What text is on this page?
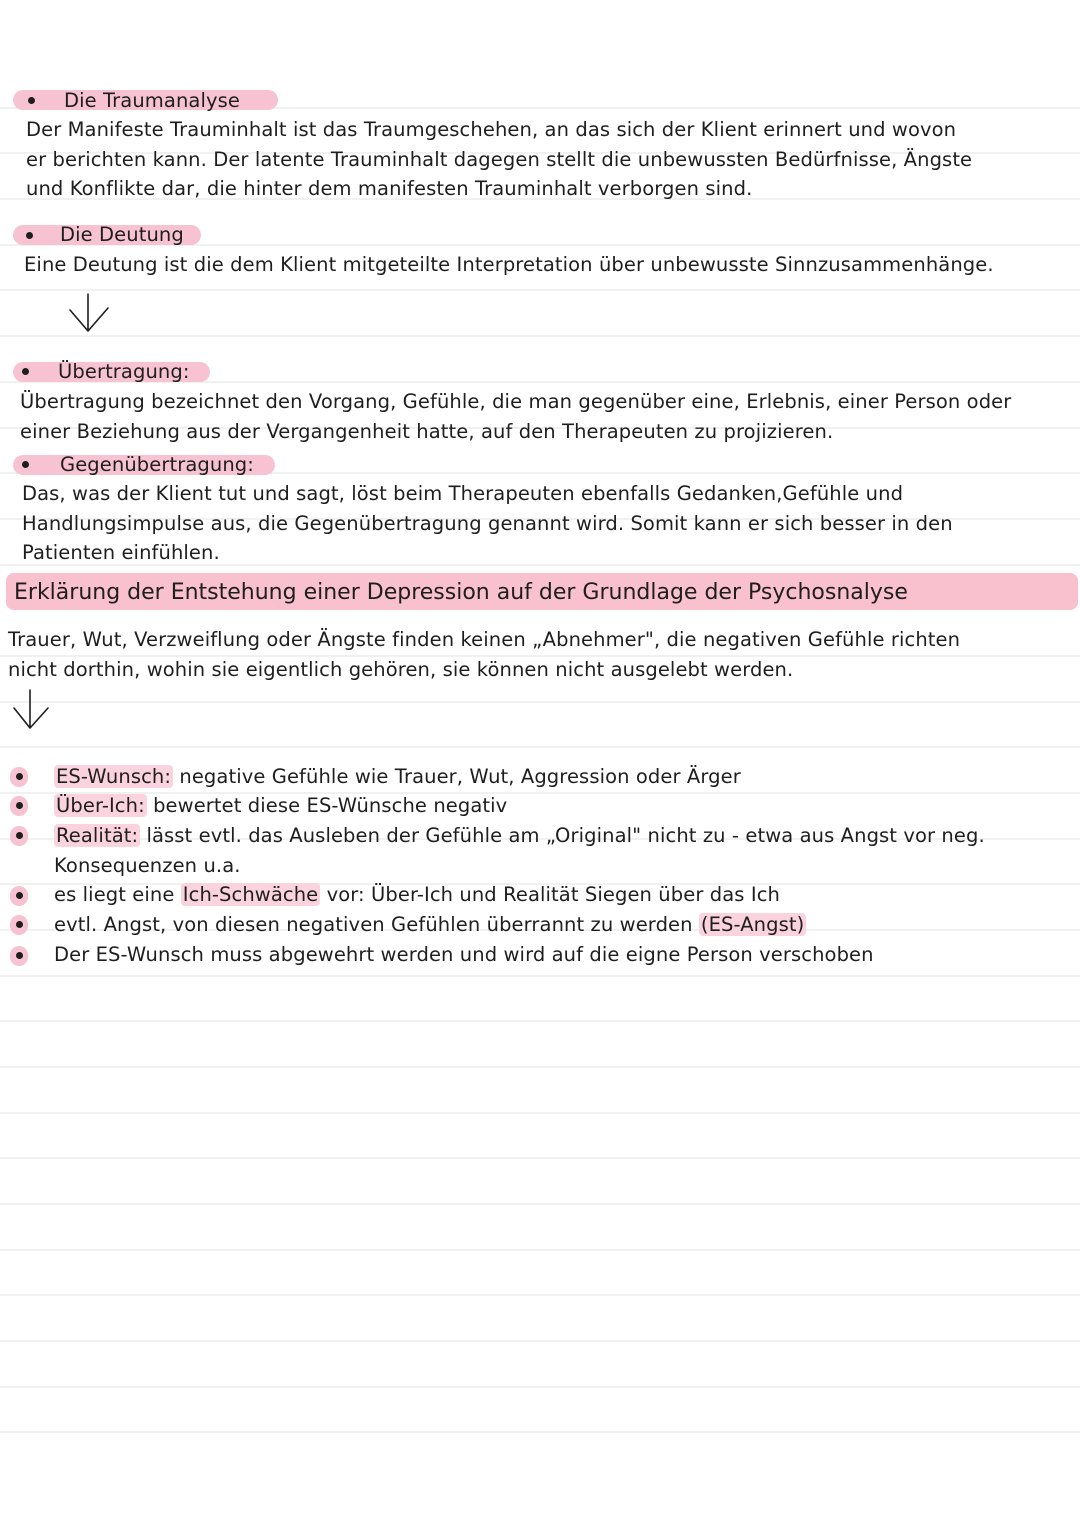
Die Traumanalyse
Der Manifeste Trauminhalt ist das Traumgeschehen, an das sich der Klient erinnert und wovon
er berichten kann. Der latente Trauminhalt dagegen stellt die unbewussten Bedürfnisse, Ängste
und Konflikte dar, die hinter dem manifesten Trauminhalt verborgen sind.
Die Deutung
Eine Deutung ist die dem Klient mitgeteilte Interpretation über unbewusste Sinnzusammenhänge.
Übertragung:
Übertragung bezeichnet den Vorgang, Gefühle, die man gegenüber eine, Erlebnis, einer Person oder
einer Beziehung aus der Vergangenheit hatte, auf den Therapeuten zu projizieren.
Gegenübertragung:
Das, was der Klient tut und sagt, löst beim Therapeuten ebenfalls Gedanken,Gefühle und
Handlungsimpulse aus, die Gegenübertragung genannt wird. Somit kann er sich besser in den
Patienten einfühlen.
Erklärung der Entstehung einer Depression auf der Grundlage der Psychosnalyse
Trauer, Wut, Verzweiflung oder Ängste finden keinen „Abnehmer", die negativen Gefühle richten
nicht dorthin, wohin sie eigentlich gehören, sie können nicht ausgelebt werden.
ES-Wunsch: negative Gefühle wie Trauer, Wut, Aggression oder Ärger
Über-Ich: bewertet diese ES-Wünsche negativ
Realität: lässt evtl. das Ausleben der Gefühle am „Original" nicht zu - etwa aus Angst vor neg.
Konsequenzen u.a.
es liegt eine Ich-Schwäche vor: Über-Ich und Realität Siegen über das Ich
evtl. Angst, von diesen negativen Gefühlen überrannt zu werden (ES-Angst)
Der ES-Wunsch muss abgewehrt werden und wird auf die eigne Person verschoben
